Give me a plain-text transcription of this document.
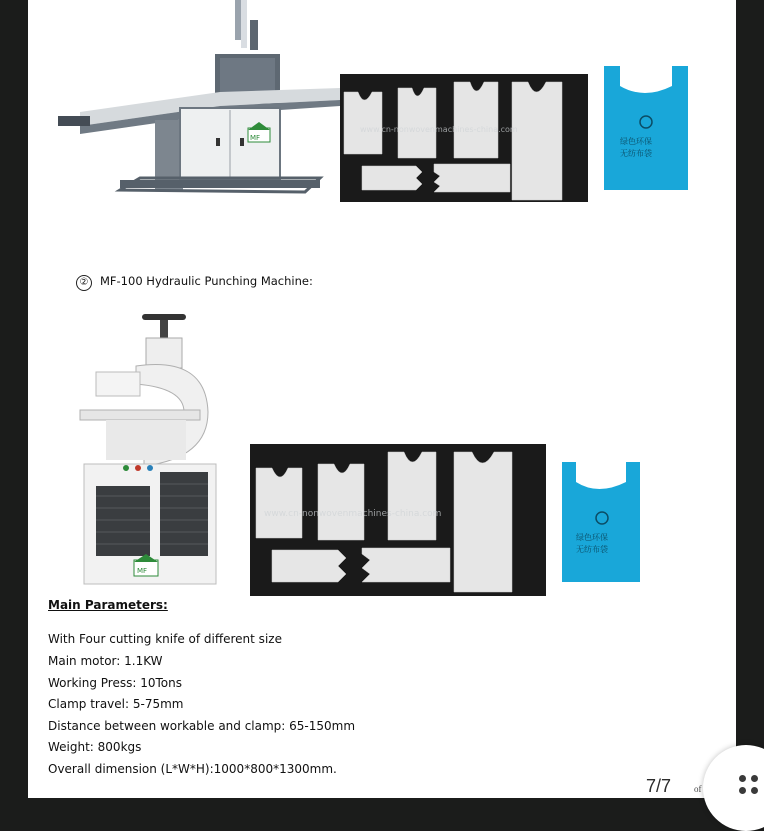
MF
www.cn-nonwovenmachines-china.com
绿色环保
无纺布袋
② MF-100 Hydraulic Punching Machine:
MF
www.cn-nonwovenmachines-china.com
绿色环保
无纺布袋
Main Parameters:
With Four cutting knife of different size
Main motor: 1.1KW
Working Press: 10Tons
Clamp travel: 5-75mm
Distance between workable and clamp: 65-150mm
Weight: 800kgs
Overall dimension (L*W*H):1000*800*1300mm.
7/7	of
